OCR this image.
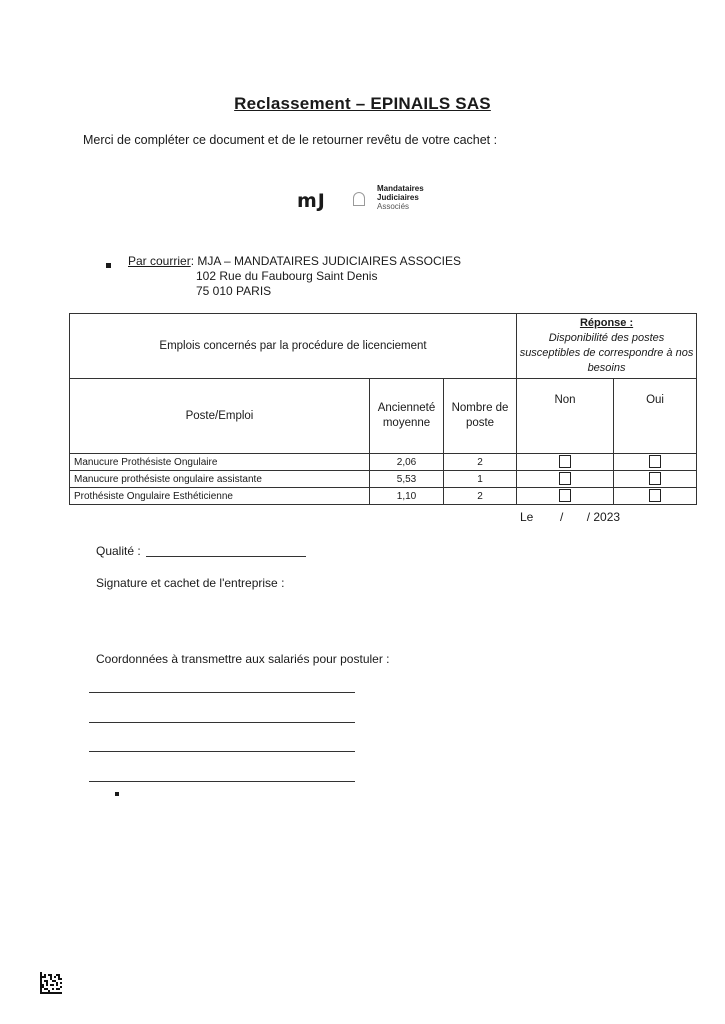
Reclassement – EPINAILS SAS
Merci de compléter ce document et de le retourner revêtu de votre cachet :
mJ
Mandataires
Judiciaires
Associés
Par courrier: MJA – MANDATAIRES JUDICIAIRES ASSOCIES
102 Rue du Faubourg Saint Denis
75 010 PARIS
Emplois concernés par la procédure de licenciement			Réponse :
Disponibilité des postes susceptibles de correspondre à nos besoins	

Poste/Emploi	Ancienneté moyenne	Nombre de poste	Non	Oui
Manucure Prothésiste Ongulaire	2,06	2	

Manucure prothésiste ongulaire assistante	5,53	1	

Prothésiste Ongulaire Esthéticienne	1,10	2	

Le        /       / 2023
Qualité :
Signature et cachet de l'entreprise :
Coordonnées à transmettre aux salariés pour postuler :
